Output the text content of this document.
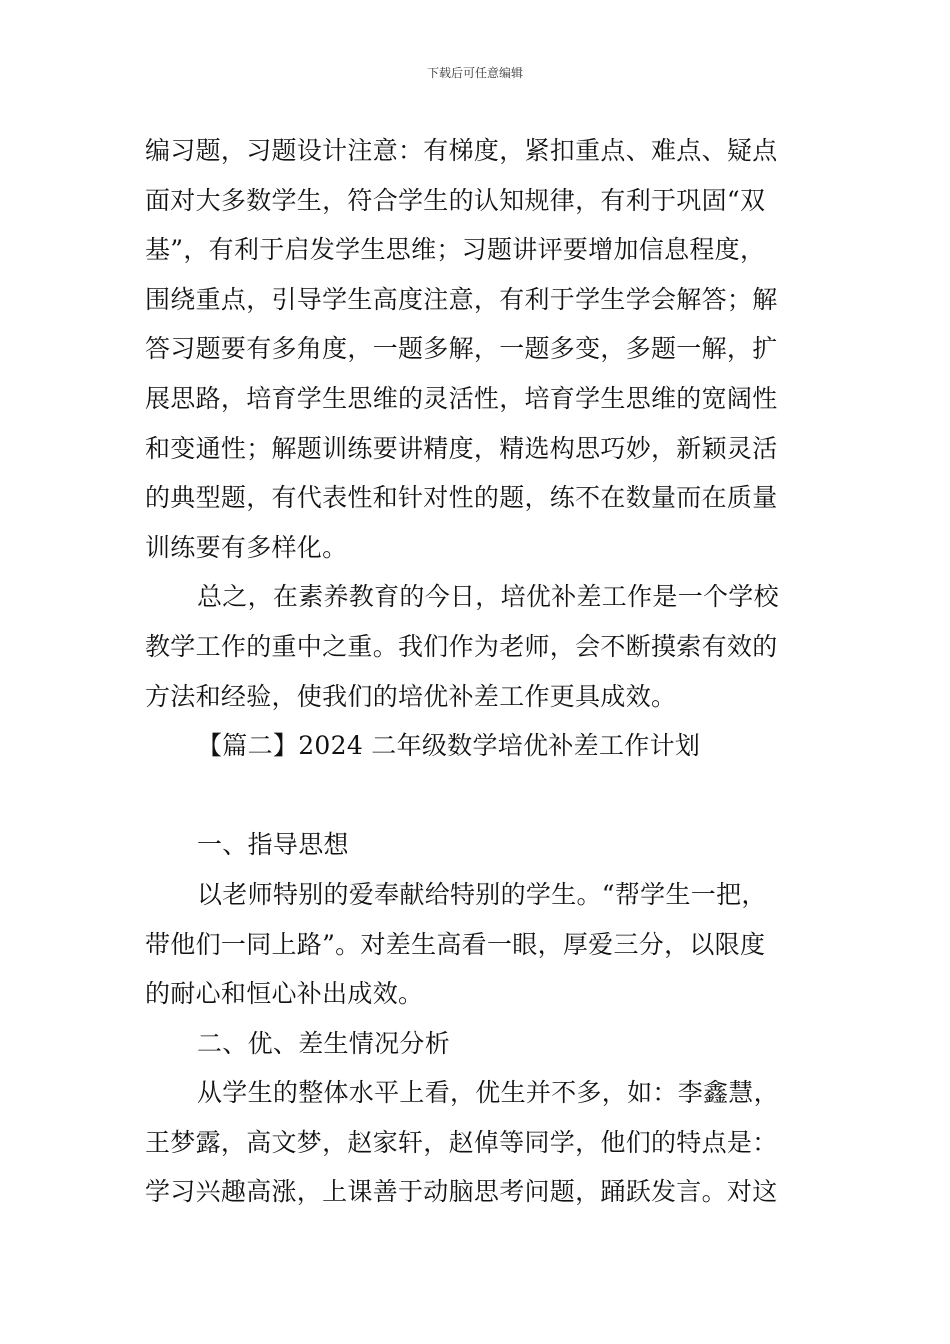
下载后可任意编辑
编习题，习题设计注意：有梯度，紧扣重点、难点、疑点
面对大多数学生，符合学生的认知规律，有利于巩固“双
基”，有利于启发学生思维；习题讲评要增加信息程度，
围绕重点，引导学生高度注意，有利于学生学会解答；解
答习题要有多角度，一题多解，一题多变，多题一解，扩
展思路，培育学生思维的灵活性，培育学生思维的宽阔性
和变通性；解题训练要讲精度，精选构思巧妙，新颖灵活
的典型题，有代表性和针对性的题，练不在数量而在质量
训练要有多样化。
总之，在素养教育的今日，培优补差工作是一个学校
教学工作的重中之重。我们作为老师，会不断摸索有效的
方法和经验，使我们的培优补差工作更具成效。
【篇二】2024 二年级数学培优补差工作计划
一、指导思想
以老师特别的爱奉献给特别的学生。“帮学生一把，
带他们一同上路”。对差生高看一眼，厚爱三分，以限度
的耐心和恒心补出成效。
二、优、差生情况分析
从学生的整体水平上看，优生并不多，如：李鑫慧，
王梦露，高文梦，赵家轩，赵倬等同学，他们的特点是：
学习兴趣高涨，上课善于动脑思考问题，踊跃发言。对这
